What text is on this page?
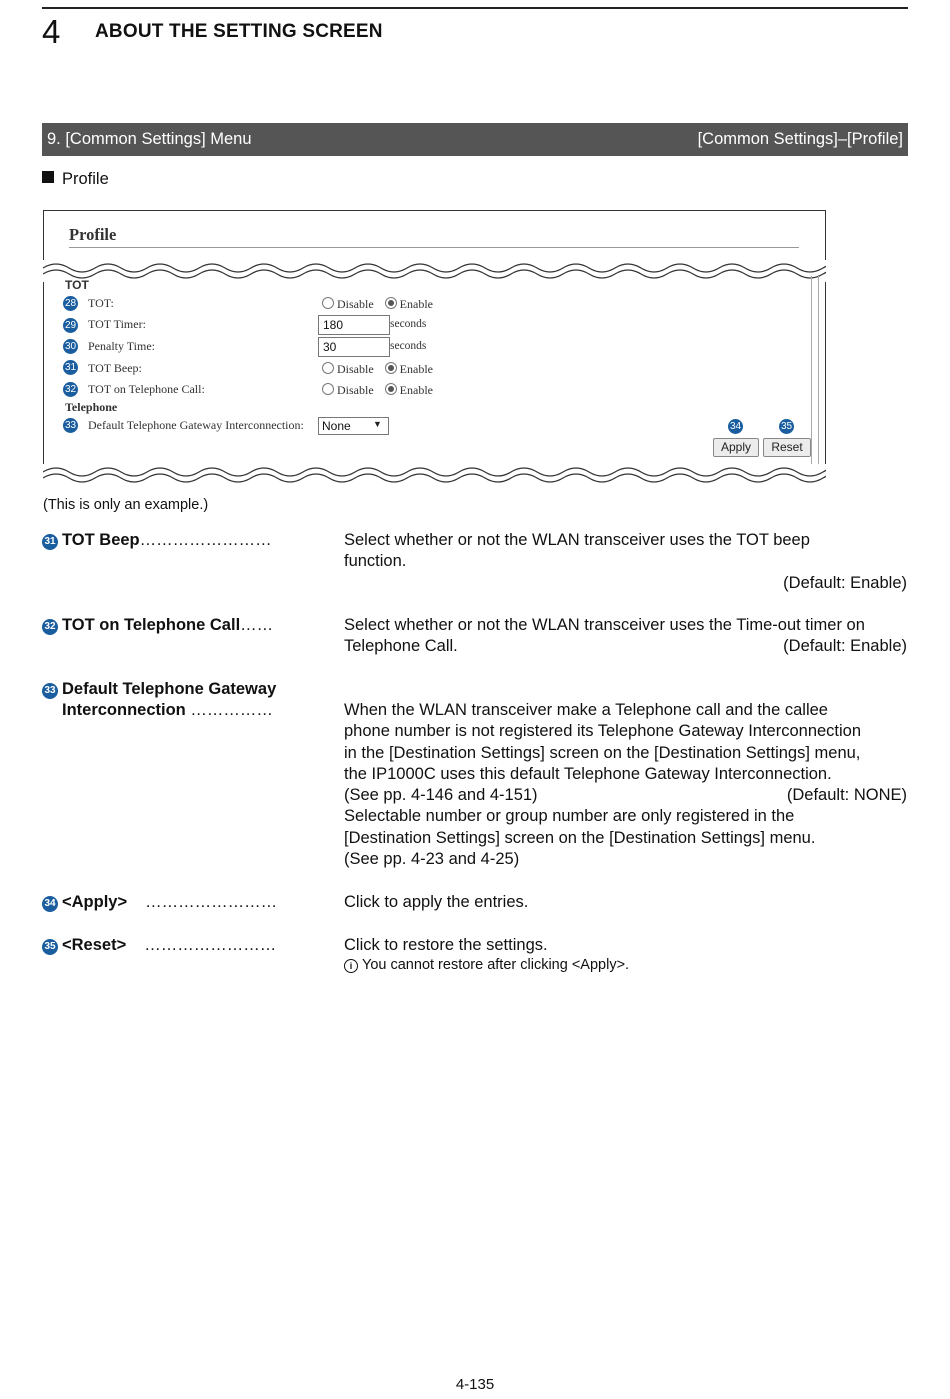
4 ABOUT THE SETTING SCREEN
9. [Common Settings] Menu	[Common Settings]–[Profile]
Profile
Profile
TOT
28 TOT:	Disable Enable
29 TOT Timer:	180	seconds
30 Penalty Time:	30	seconds
31 TOT Beep:	Disable Enable
32 TOT on Telephone Call:	Disable Enable
Telephone
33 Default Telephone Gateway Interconnection:	None	▼	34	35
Apply	Reset
(This is only an example.)
31 TOT Beep……………………	Select whether or not the WLAN transceiver uses the TOT beep
function.
(Default: Enable)
32 TOT on Telephone Call……	Select whether or not the WLAN transceiver uses the Time-out timer on
(Default: Enable)
Telephone Call.
33 Default Telephone Gateway
Interconnection ……………	When the WLAN transceiver make a Telephone call and the callee
phone number is not registered its Telephone Gateway Interconnection
in the [Destination Settings] screen on the [Destination Settings] menu,
the IP1000C uses this default Telephone Gateway Interconnection.
(See pp. 4-146 and 4-151)	(Default: NONE)
Selectable number or group number are only registered in the
[Destination Settings] screen on the [Destination Settings] menu.
(See pp. 4-23 and 4-25)
34 <Apply> ……………………	Click to apply the entries.
35 <Reset> ……………………	Click to restore the settings.
i You cannot restore after clicking <Apply>.
4-135
